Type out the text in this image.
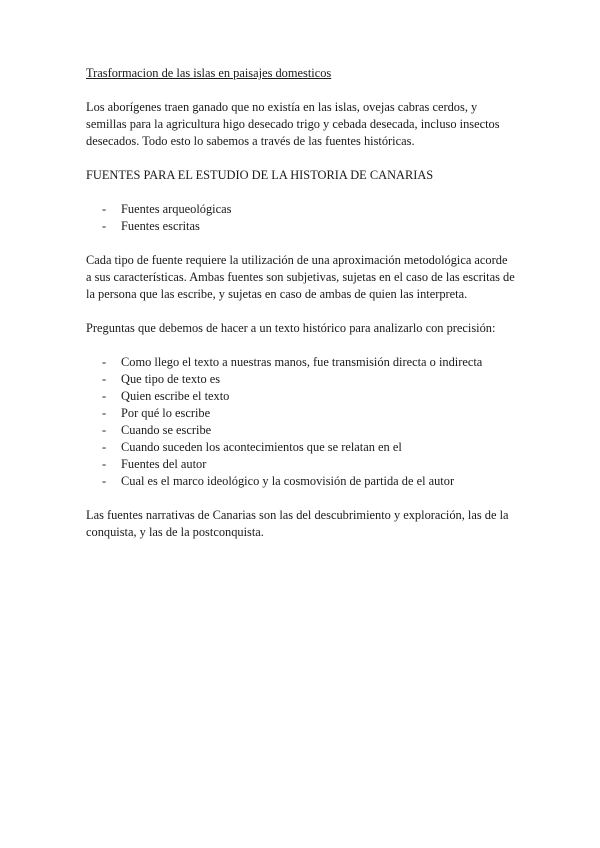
Trasformacion de las islas en paisajes domesticos

Los aborígenes traen ganado que no existía en las islas, ovejas cabras cerdos, y semillas para la agricultura higo desecado trigo y cebada desecada, incluso insectos desecados. Todo esto lo sabemos a través de las fuentes históricas.

FUENTES PARA EL ESTUDIO DE LA HISTORIA DE CANARIAS
- Fuentes arqueológicas
- Fuentes escritas

Cada tipo de fuente requiere la utilización de una aproximación metodológica acorde a sus características. Ambas fuentes son subjetivas, sujetas en el caso de las escritas de la persona que las escribe, y sujetas en caso de ambas de quien las interpreta.

Preguntas que debemos de hacer a un texto histórico para analizarlo con precisión:

- Como llego el texto a nuestras manos, fue transmisión directa o indirecta
- Que tipo de texto es
- Quien escribe el texto
- Por qué lo escribe
- Cuando se escribe
- Cuando suceden los acontecimientos que se relatan en el
- Fuentes del autor
- Cual es el marco ideológico y la cosmovisión de partida de el autor

Las fuentes narrativas de Canarias son las del descubrimiento y exploración, las de la conquista, y las de la postconquista.
